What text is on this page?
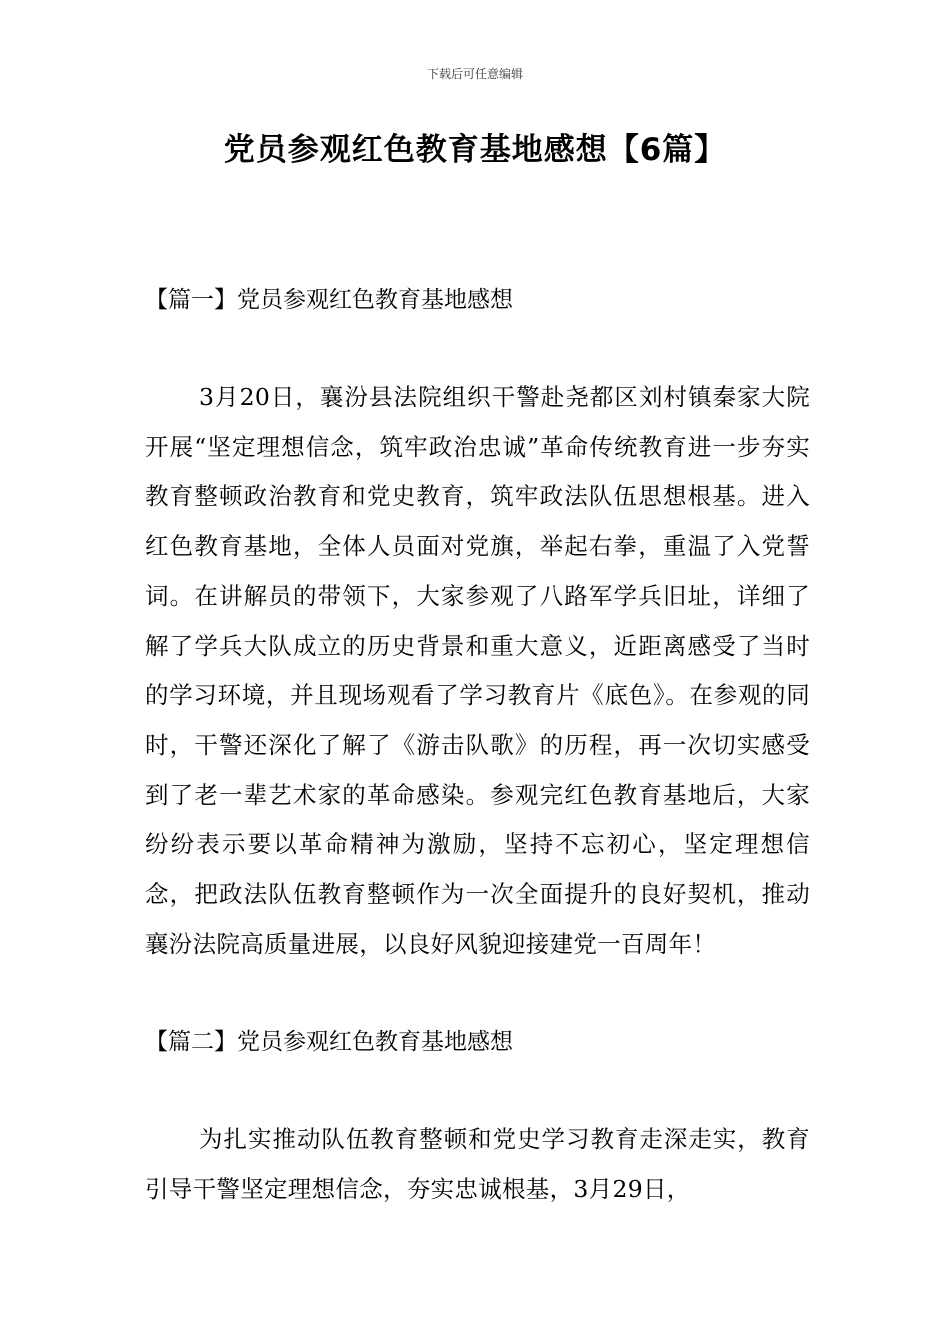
下载后可任意编辑
党员参观红色教育基地感想【6篇】
【篇一】党员参观红色教育基地感想

3月20日，襄汾县法院组织干警赴尧都区刘村镇秦家大院开展“坚定理想信念，筑牢政治忠诚”革命传统教育进一步夯实教育整顿政治教育和党史教育，筑牢政法队伍思想根基。进入红色教育基地，全体人员面对党旗，举起右拳，重温了入党誓词。在讲解员的带领下，大家参观了八路军学兵旧址，详细了解了学兵大队成立的历史背景和重大意义，近距离感受了当时的学习环境，并且现场观看了学习教育片《底色》。在参观的同时，干警还深化了解了《游击队歌》的历程，再一次切实感受到了老一辈艺术家的革命感染。参观完红色教育基地后，大家纷纷表示要以革命精神为激励，坚持不忘初心，坚定理想信念，把政法队伍教育整顿作为一次全面提升的良好契机，推动襄汾法院高质量进展，以良好风貌迎接建党一百周年！

【篇二】党员参观红色教育基地感想

为扎实推动队伍教育整顿和党史学习教育走深走实，教育引导干警坚定理想信念，夯实忠诚根基，3月29日，
